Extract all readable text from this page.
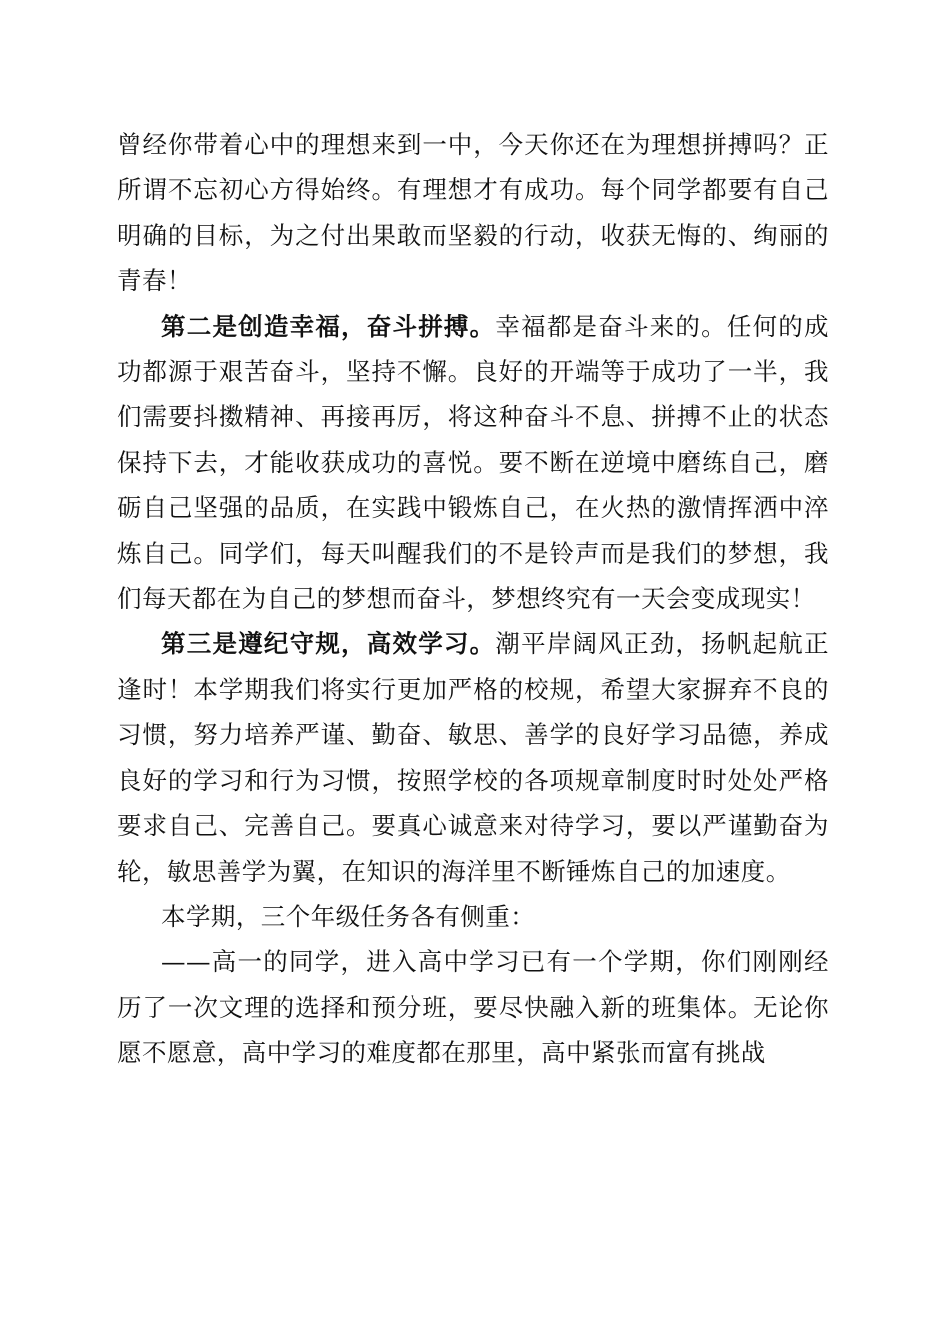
曾经你带着心中的理想来到一中，今天你还在为理想拼搏吗？正所谓不忘初心方得始终。有理想才有成功。每个同学都要有自己明确的目标，为之付出果敢而坚毅的行动，收获无悔的、绚丽的青春！

第二是创造幸福，奋斗拼搏。幸福都是奋斗来的。任何的成功都源于艰苦奋斗，坚持不懈。良好的开端等于成功了一半，我们需要抖擞精神、再接再厉，将这种奋斗不息、拼搏不止的状态保持下去，才能收获成功的喜悦。要不断在逆境中磨练自己，磨砺自己坚强的品质，在实践中锻炼自己，在火热的激情挥洒中淬炼自己。同学们，每天叫醒我们的不是铃声而是我们的梦想，我们每天都在为自己的梦想而奋斗，梦想终究有一天会变成现实！

第三是遵纪守规，高效学习。潮平岸阔风正劲，扬帆起航正逢时！本学期我们将实行更加严格的校规，希望大家摒弃不良的习惯，努力培养严谨、勤奋、敏思、善学的良好学习品德，养成良好的学习和行为习惯，按照学校的各项规章制度时时处处严格要求自己、完善自己。要真心诚意来对待学习，要以严谨勤奋为轮，敏思善学为翼，在知识的海洋里不断锤炼自己的加速度。

本学期，三个年级任务各有侧重：

——高一的同学，进入高中学习已有一个学期，你们刚刚经历了一次文理的选择和预分班，要尽快融入新的班集体。无论你愿不愿意，高中学习的难度都在那里，高中紧张而富有挑战
